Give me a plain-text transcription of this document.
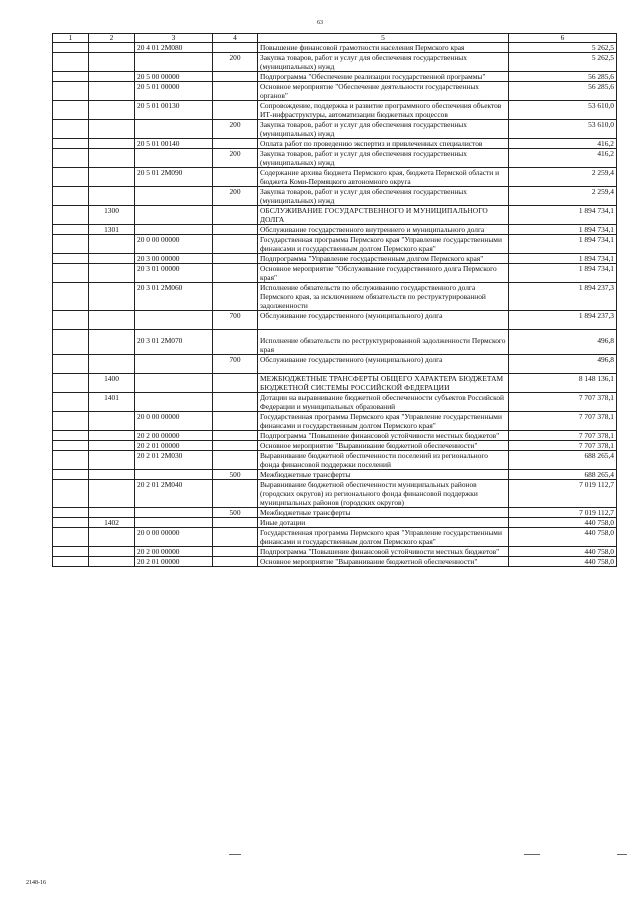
63
1	2	3	4	5	6
		20 4 01 2М080		Повышение финансовой грамотности населения Пермского края	5 262,5
			200	Закупка товаров, работ и услуг для обеспечения государственных (муниципальных) нужд	5 262,5
		20 5 00 00000		Подпрограмма "Обеспечение реализации государственной программы"	56 285,6
		20 5 01 00000		Основное мероприятие "Обеспечение деятельности государственных органов"	56 285,6
		20 5 01 00130		Сопровождение, поддержка и развитие программного обеспечения объектов ИТ-инфраструктуры, автоматизации бюджетных процессов	53 610,0
			200	Закупка товаров, работ и услуг для обеспечения государственных (муниципальных) нужд	53 610,0
		20 5 01 00140		Оплата работ по проведению экспертиз и привлеченных специалистов	416,2
			200	Закупка товаров, работ и услуг для обеспечения государственных (муниципальных) нужд	416,2
		20 5 01 2М090		Содержание архива бюджета Пермского края, бюджета Пермской области и бюджета Коми-Пермяцкого автономного округа	2 259,4
			200	Закупка товаров, работ и услуг для обеспечения государственных (муниципальных) нужд	2 259,4
	1300			ОБСЛУЖИВАНИЕ ГОСУДАРСТВЕННОГО И МУНИЦИПАЛЬНОГО ДОЛГА	1 894 734,1
	1301			Обслуживание государственного внутреннего и муниципального долга	1 894 734,1
		20 0 00 00000		Государственная программа Пермского края "Управление государственными финансами и государственным долгом Пермского края"	1 894 734,1
		20 3 00 00000		Подпрограмма "Управление государственным долгом Пермского края"	1 894 734,1
		20 3 01 00000		Основное мероприятие "Обслуживание государственного долга Пермского края"	1 894 734,1
		20 3 01 2М060		Исполнение обязательств по обслуживанию государственного долга Пермского края, за исключением обязательств по реструктурированной задолженности	1 894 237,3
			700	Обслуживание государственного (муниципального) долга	1 894 237,3
		20 3 01 2М070		Исполнение обязательств по реструктурированной задолженности Пермского края	496,8
			700	Обслуживание государственного (муниципального) долга	496,8
	1400			МЕЖБЮДЖЕТНЫЕ ТРАНСФЕРТЫ ОБЩЕГО ХАРАКТЕРА БЮДЖЕТАМ БЮДЖЕТНОЙ СИСТЕМЫ РОССИЙСКОЙ ФЕДЕРАЦИИ	8 148 136,1
	1401			Дотации на выравнивание бюджетной обеспеченности субъектов Российской Федерации и муниципальных образований	7 707 378,1
		20 0 00 00000		Государственная программа Пермского края "Управление государственными финансами и государственным долгом Пермского края"	7 707 378,1
		20 2 00 00000		Подпрограмма "Повышение финансовой устойчивости местных бюджетов"	7 707 378,1
		20 2 01 00000		Основное мероприятие "Выравнивание бюджетной обеспеченности"	7 707 378,1
		20 2 01 2М030		Выравнивание бюджетной обеспеченности поселений из регионального фонда финансовой поддержки поселений	688 265,4
			500	Межбюджетные трансферты	688 265,4
		20 2 01 2М040		Выравнивание бюджетной обеспеченности муниципальных районов (городских округов) из регионального фонда финансовой поддержки муниципальных районов (городских округов)	7 019 112,7
			500	Межбюджетные трансферты	7 019 112,7
	1402			Иные дотации	440 758,0
		20 0 00 00000		Государственная программа Пермского края "Управление государственными финансами и государственным долгом Пермского края"	440 758,0
		20 2 00 00000		Подпрограмма "Повышение финансовой устойчивости местных бюджетов"	440 758,0
		20 2 01 00000		Основное мероприятие "Выравнивание бюджетной обеспеченности"	440 758,0
2148-16
